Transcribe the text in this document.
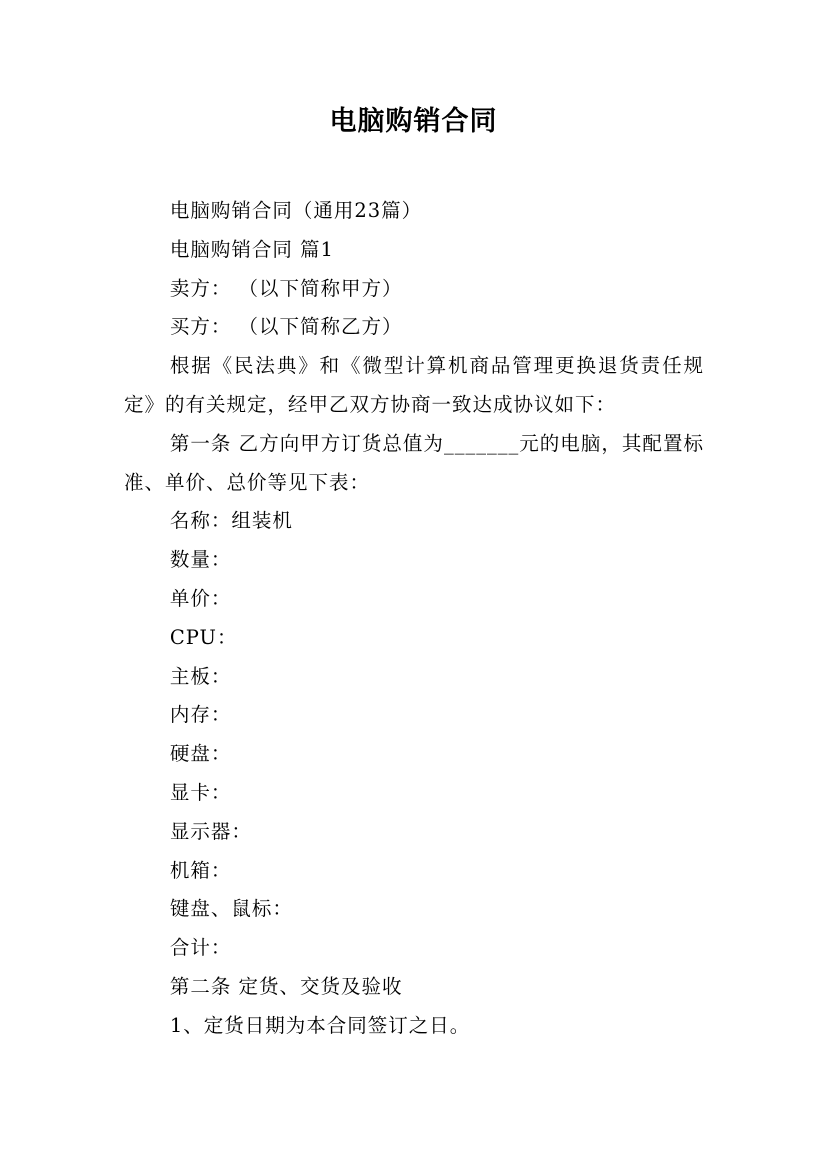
电脑购销合同

电脑购销合同（通用23篇）

电脑购销合同 篇1

卖方： （以下简称甲方）

买方： （以下简称乙方）

根据《民法典》和《微型计算机商品管理更换退货责任规定》的有关规定，经甲乙双方协商一致达成协议如下：

第一条 乙方向甲方订货总值为_______元的电脑，其配置标准、单价、总价等见下表：

名称：组装机

数量：

单价：

CPU：

主板：

内存：

硬盘：

显卡：

显示器：

机箱：

键盘、鼠标：

合计：

第二条 定货、交货及验收

1、定货日期为本合同签订之日。
